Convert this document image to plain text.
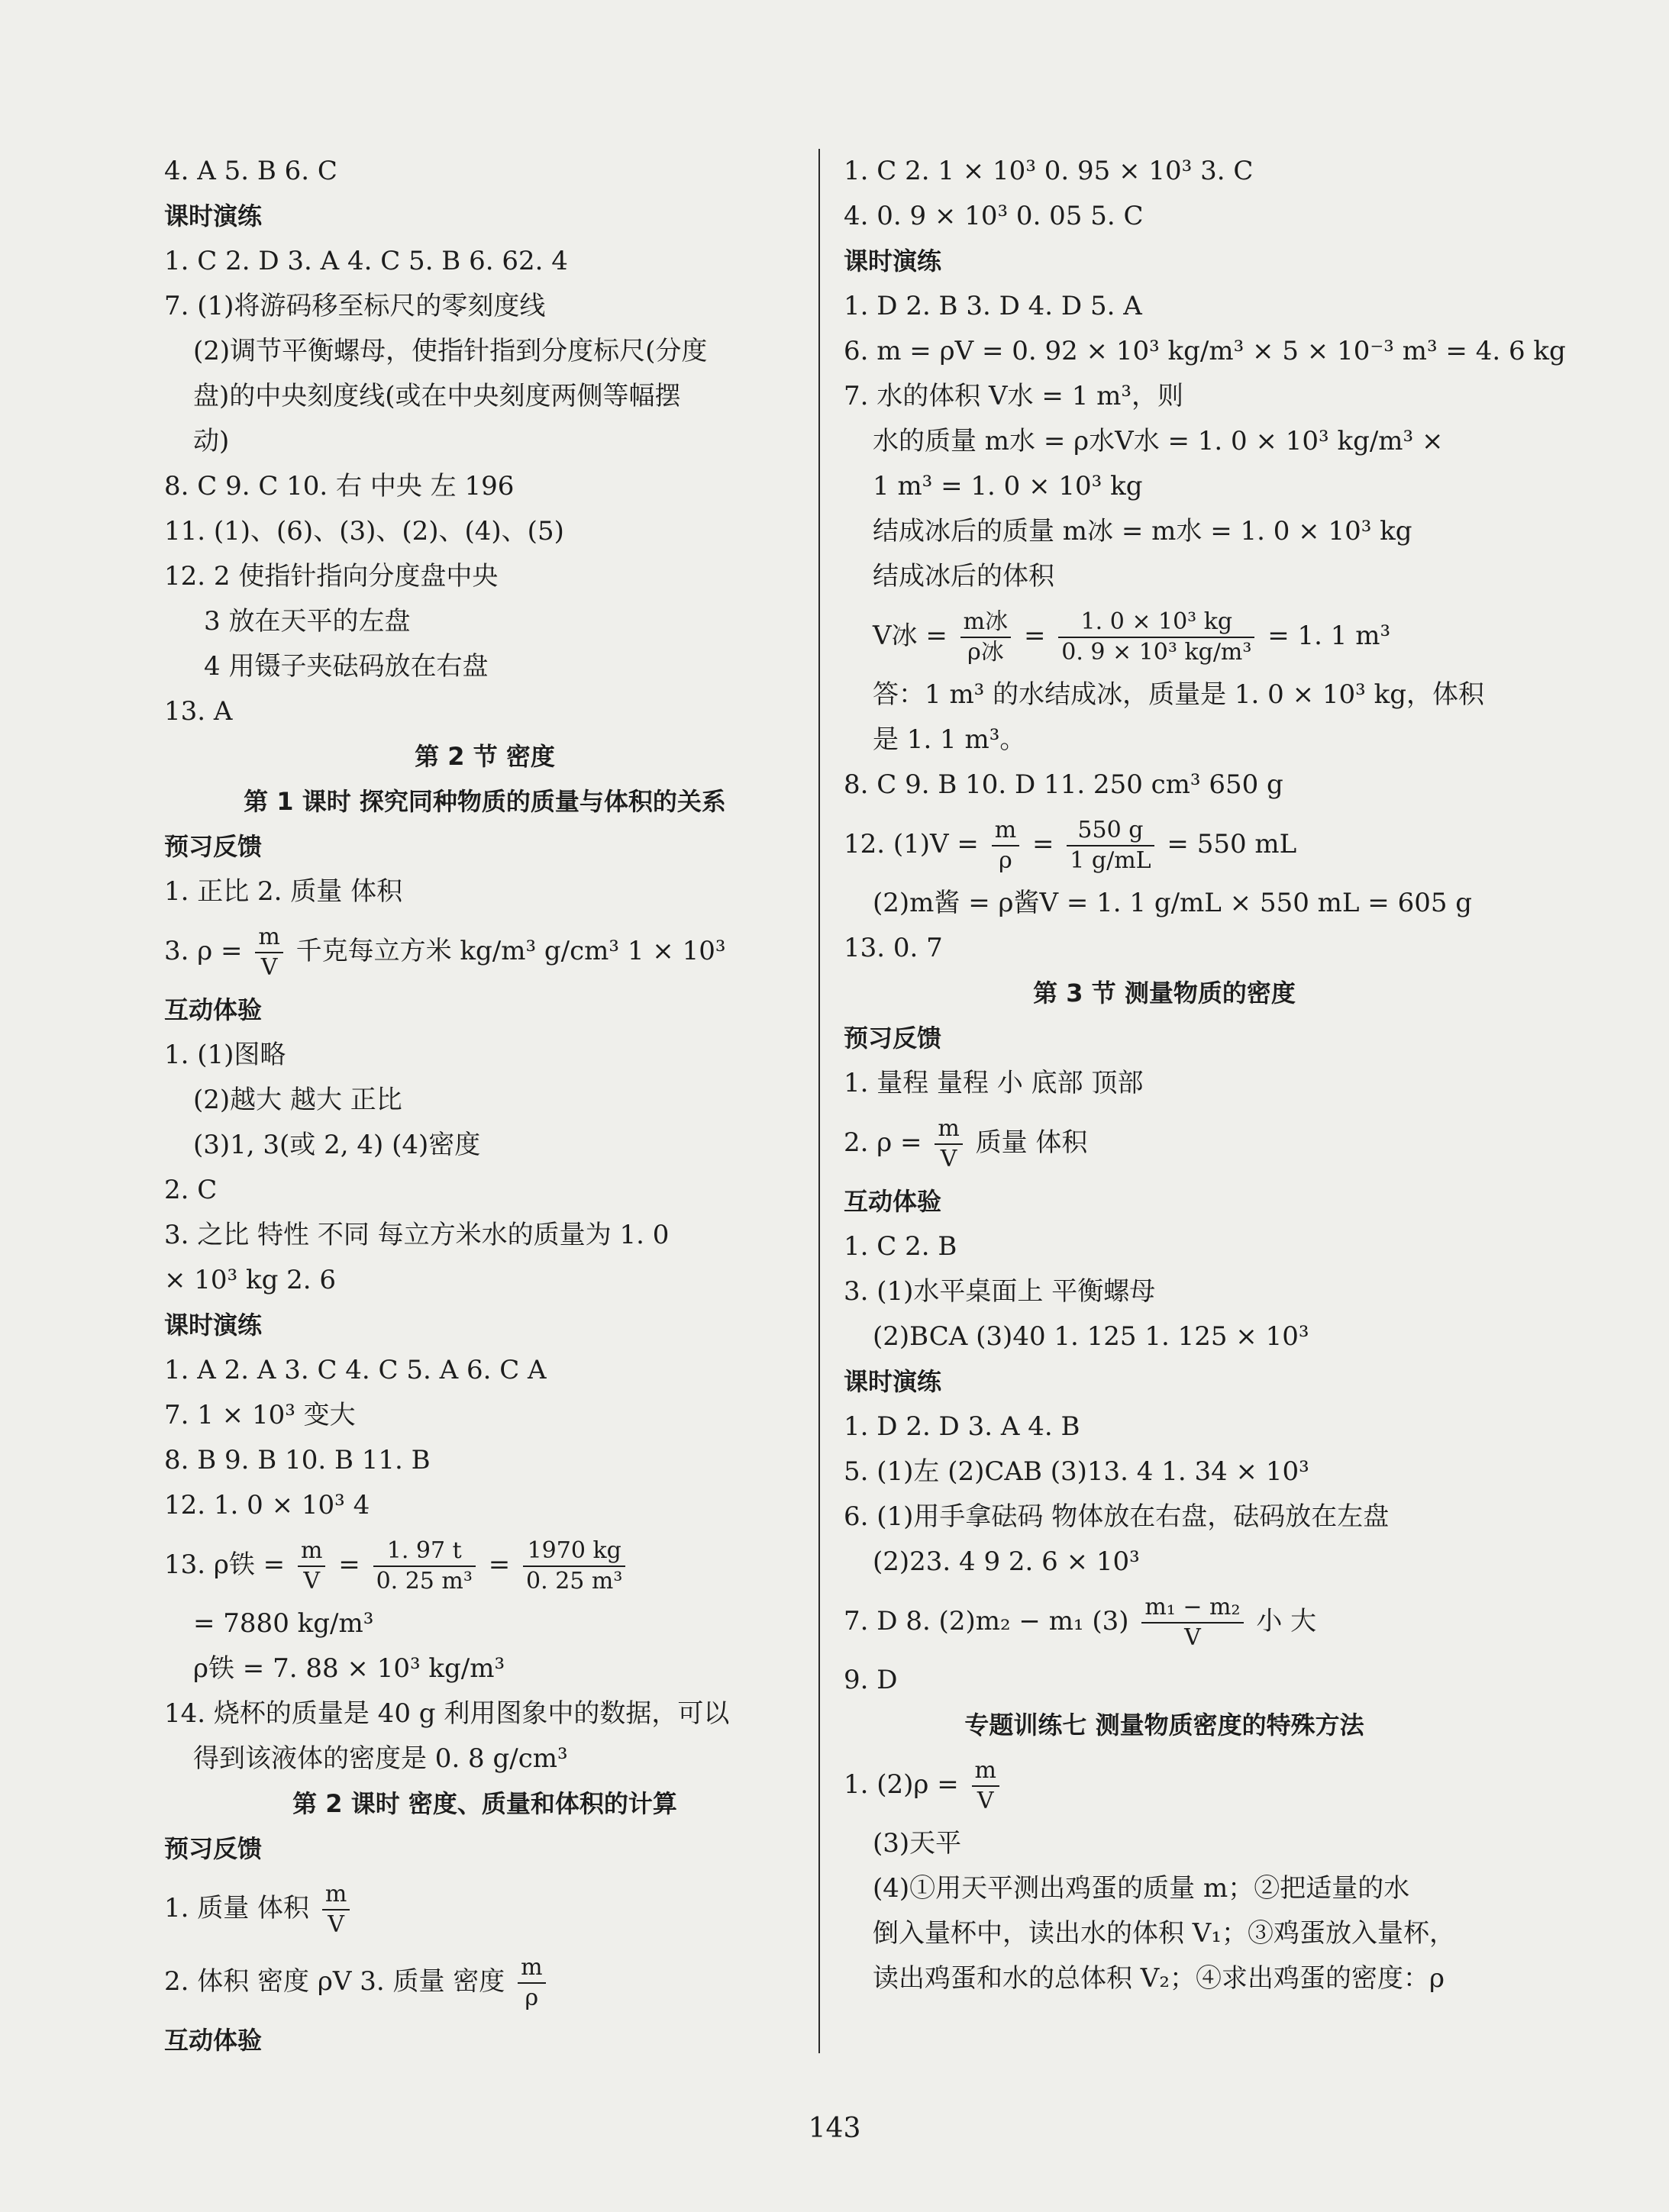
4. A 5. B 6. C
课时演练
1. C 2. D 3. A 4. C 5. B 6. 62. 4
7. (1)将游码移至标尺的零刻度线
(2)调节平衡螺母，使指针指到分度标尺(分度
盘)的中央刻度线(或在中央刻度两侧等幅摆
动)
8. C 9. C 10. 右 中央 左 196
11. (1)、(6)、(3)、(2)、(4)、(5)
12. 2 使指针指向分度盘中央
3 放在天平的左盘
4 用镊子夹砝码放在右盘
13. A
第 2 节 密度
第 1 课时 探究同种物质的质量与体积的关系
预习反馈
1. 正比 2. 质量 体积
3. $\rho = \frac{m}{V}$ 千克每立方米 kg/m³ g/cm³ 1 × 10³
互动体验
1. (1)图略
(2)越大 越大 正比
(3)1, 3(或 2, 4) (4)密度
2. C
3. 之比 特性 不同 每立方米水的质量为 1. 0
× 10³ kg 2. 6
课时演练
1. A 2. A 3. C 4. C 5. A 6. C A
7. 1 × 10³ 变大
8. B 9. B 10. B 11. B
12. 1. 0 × 10³ 4
13. ρ铁 = $\frac{m}{V} = \frac{1. 97 t}{\text{0. 25 m³}} = \frac{1970 kg}{\text{0. 25 m³}}$
= 7880 kg/m³
ρ铁 = 7. 88 × 10³ kg/m³
14. 烧杯的质量是 40 g 利用图象中的数据，可以
得到该液体的密度是 0. 8 g/cm³
第 2 课时 密度、质量和体积的计算
预习反馈
1. 质量 体积 $\frac{m}{V}$
2. 体积 密度 ρV 3. 质量 密度 $\frac{m}{\rho}$
互动体验
1. C 2. 1 × 10³ 0. 95 × 10³ 3. C
4. 0. 9 × 10³ 0. 05 5. C
课时演练
1. D 2. B 3. D 4. D 5. A
6. m = ρV = 0. 92 × 10³ kg/m³ × 5 × 10⁻³ m³ = 4. 6 kg
7. 水的体积 V水 = 1 m³，则
水的质量 m水 = ρ水V水 = 1. 0 × 10³ kg/m³ ×
1 m³ = 1. 0 × 10³ kg
结成冰后的质量 m冰 = m水 = 1. 0 × 10³ kg
结成冰后的体积
V冰 = $\frac{\text{m冰}}{\text{ρ冰}} = \frac{\text{1. 0 × 10³ kg}}{\text{0. 9 × 10³ kg/m³}} = 1$. 1 m³
答：1 m³ 的水结成冰，质量是 1. 0 × 10³ kg，体积
是 1. 1 m³。
8. C 9. B 10. D 11. 250 cm³ 650 g
12. $(1)V = \frac{m}{\rho} = \frac{550 g}{1 g/mL} = 550$ mL
(2)m酱 = ρ酱V = 1. 1 g/mL × 550 mL = 605 g
13. 0. 7
第 3 节 测量物质的密度
预习反馈
1. 量程 量程 小 底部 顶部
2. $\rho = \frac{m}{V}$ 质量 体积
互动体验
1. C 2. B
3. (1)水平桌面上 平衡螺母
(2)BCA (3)40 1. 125 1. 125 × 10³
课时演练
1. D 2. D 3. A 4. B
5. (1)左 (2)CAB (3)13. 4 1. 34 × 10³
6. (1)用手拿砝码 物体放在右盘，砝码放在左盘
(2)23. 4 9 2. 6 × 10³
7. D 8. (2)m₂ − m₁ $(3) \frac{\text{m₁ − m₂}}{V}$ 小 大
9. D
专题训练七 测量物质密度的特殊方法
1. $(2)\rho = \frac{m}{V}$
(3)天平
(4)①用天平测出鸡蛋的质量 m；②把适量的水
倒入量杯中，读出水的体积 V₁；③鸡蛋放入量杯，
读出鸡蛋和水的总体积 V₂；④求出鸡蛋的密度：ρ
143
